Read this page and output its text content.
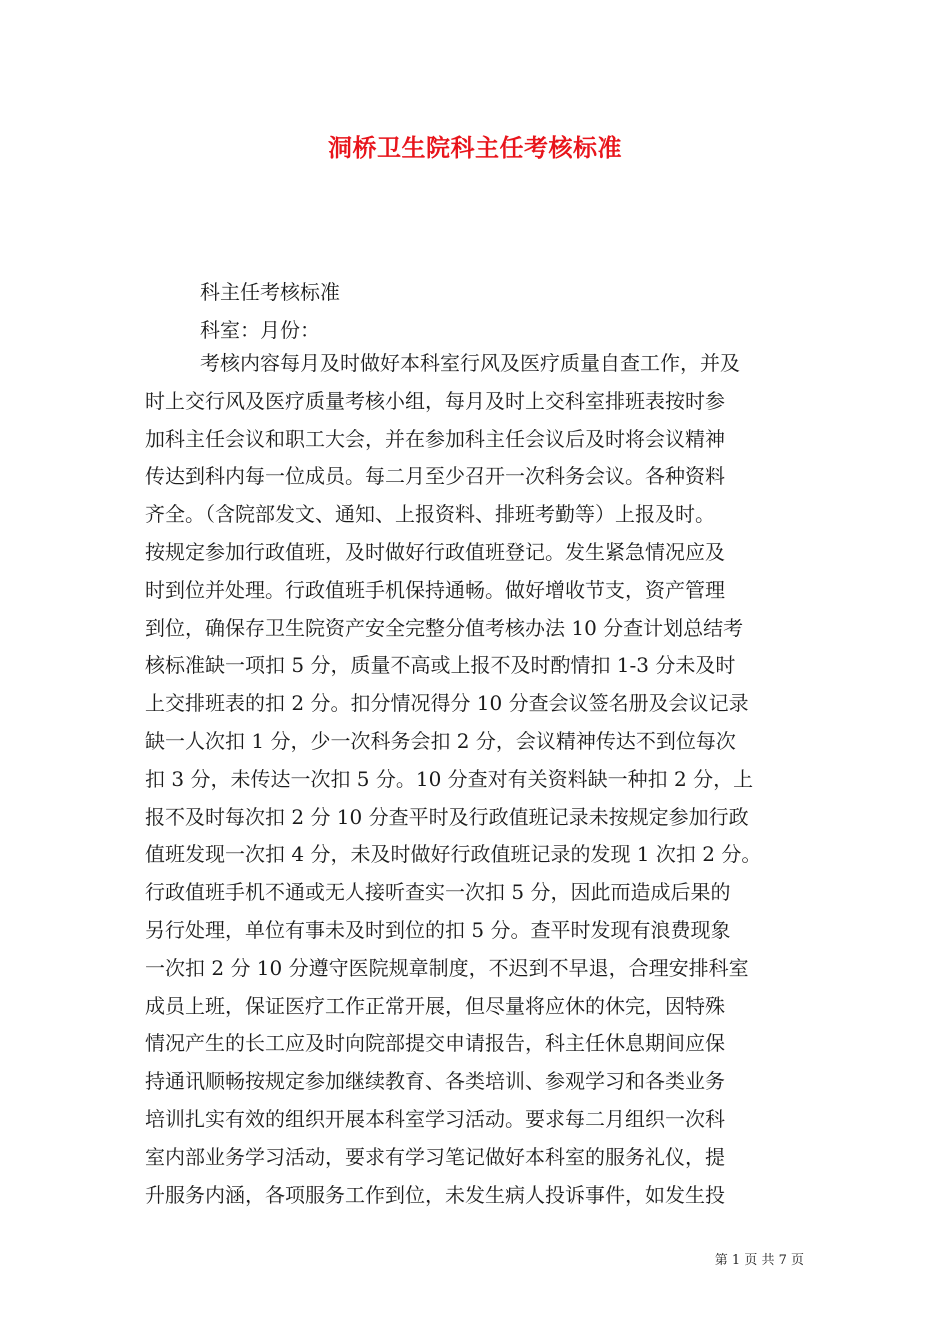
洞桥卫生院科主任考核标准
科主任考核标准
科室：月份：
考核内容每月及时做好本科室行风及医疗质量自查工作，并及
时上交行风及医疗质量考核小组，每月及时上交科室排班表按时参
加科主任会议和职工大会，并在参加科主任会议后及时将会议精神
传达到科内每一位成员。每二月至少召开一次科务会议。各种资料
齐全。（含院部发文、通知、上报资料、排班考勤等）上报及时。
按规定参加行政值班，及时做好行政值班登记。发生紧急情况应及
时到位并处理。行政值班手机保持通畅。做好增收节支，资产管理
到位，确保存卫生院资产安全完整分值考核办法 10 分查计划总结考
核标准缺一项扣 5 分，质量不高或上报不及时酌情扣 1-3 分未及时
上交排班表的扣 2 分。扣分情况得分 10 分查会议签名册及会议记录
缺一人次扣 1 分，少一次科务会扣 2 分，会议精神传达不到位每次
扣 3 分，未传达一次扣 5 分。10 分查对有关资料缺一种扣 2 分，上
报不及时每次扣 2 分 10 分查平时及行政值班记录未按规定参加行政
值班发现一次扣 4 分，未及时做好行政值班记录的发现 1 次扣 2 分。
行政值班手机不通或无人接听查实一次扣 5 分，因此而造成后果的
另行处理，单位有事未及时到位的扣 5 分。查平时发现有浪费现象
一次扣 2 分 10 分遵守医院规章制度，不迟到不早退，合理安排科室
成员上班，保证医疗工作正常开展，但尽量将应休的休完，因特殊
情况产生的长工应及时向院部提交申请报告，科主任休息期间应保
持通讯顺畅按规定参加继续教育、各类培训、参观学习和各类业务
培训扎实有效的组织开展本科室学习活动。要求每二月组织一次科
室内部业务学习活动，要求有学习笔记做好本科室的服务礼仪，提
升服务内涵，各项服务工作到位，未发生病人投诉事件，如发生投
第 1 页 共 7 页
